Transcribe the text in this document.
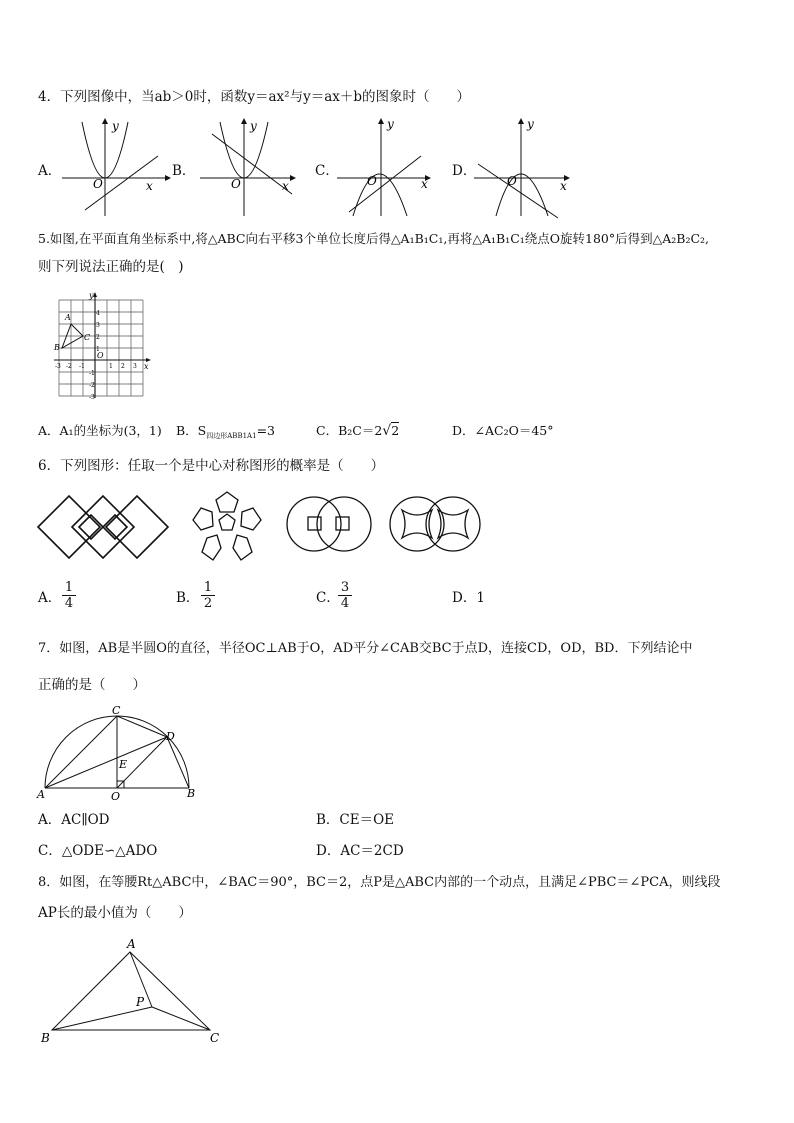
4．下列图像中，当ab＞0时，函数y＝ax²与y＝ax＋b的图象时（　　）
A．
y
x
O
B．
y
x
O
C．
y
x
O
D．
y
x
O
5.如图,在平面直角坐标系中,将△ABC向右平移3个单位长度后得△A₁B₁C₁,再将△A₁B₁C₁绕点O旋转180°后得到△A₂B₂C₂,
则下列说法正确的是(　)
A
B
C
O
x
y
-3 -2 -1	1 2 3
4
3
2
1
-1
-2
-3
A．A₁的坐标为(3，1) B．$S_{四边形ABB1A1}=3$	C．B₂C＝2√2	D．∠AC₂O＝45°
6．下列图形：任取一个是中心对称图形的概率是（　　）
A． $\frac{1}{4}$	B． $\frac{1}{2}$	C．
$\frac{3}{4}$	D．1
7．如图，AB是半圆O的直径，半径OC⊥AB于O，AD平分∠CAB交BC于点D，连接CD，OD，BD．下列结论中
正确的是（　　）
C
D
E
A	O	B
A．AC∥OD	B．CE＝OE
C．△ODE∽△ADO	D．AC＝2CD
8．如图，在等腰Rt△ABC中，∠BAC＝90°，BC＝2，点P是△ABC内部的一个动点，且满足∠PBC＝∠PCA，则线段
AP长的最小值为（　　）
A
P
B	C
